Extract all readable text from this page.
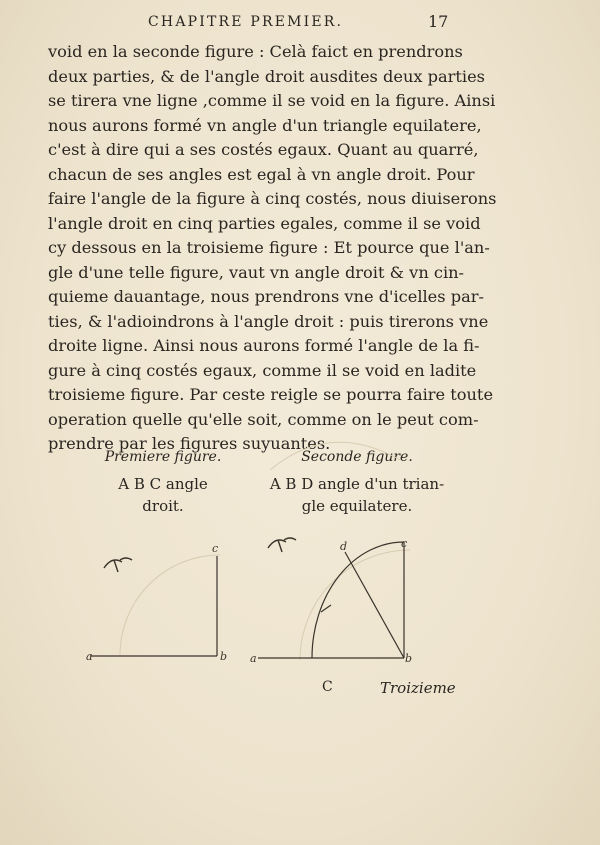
CHAPITRE PREMIER.	17
void en la seconde figure : Celà faict en prendrons
deux parties, & de l'angle droit ausdites deux parties
se tirera vne ligne ,comme il se void en la figure. Ainsi
nous aurons formé vn angle d'un triangle equilatere,
c'est à dire qui a ses costés egaux. Quant au quarré,
chacun de ses angles est egal à vn angle droit. Pour
faire l'angle de la figure à cinq costés, nous diuiserons
l'angle droit en cinq parties egales, comme il se void
cy dessous en la troisieme figure : Et pource que l'an-
gle d'une telle figure, vaut vn angle droit & vn cin-
quieme dauantage, nous prendrons vne d'icelles par-
ties, & l'adioindrons à l'angle droit : puis tirerons vne
droite ligne. Ainsi nous aurons formé l'angle de la fi-
gure à cinq costés egaux, comme il se void en ladite
troisieme figure. Par ceste reigle se pourra faire toute
operation quelle qu'elle soit, comme on le peut com-
prendre par les figures suyuantes.
Premiere figure.
A B C angle
droit.
Seconde figure.
A B D angle d'un trian-
gle equilatere.
a	b
c
a	b
c
d
C	Troizieme
